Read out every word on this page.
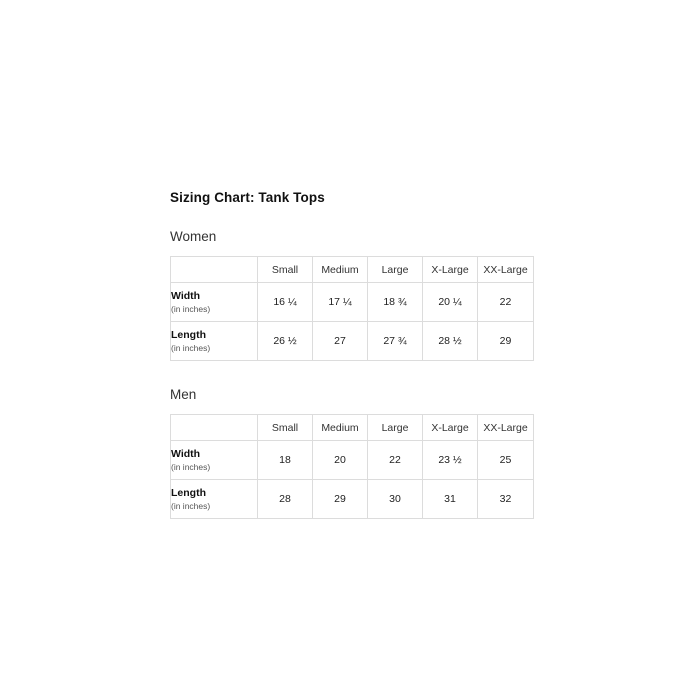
Sizing Chart: Tank Tops
Women
	Small	Medium	Large	X-Large	XX-Large

Width
(in inches)	16 ¼	17 ¼	18 ¾	20 ¼	22

Length
(in inches)	26 ½	27	27 ¾	28 ½	29
Men
	Small	Medium	Large	X-Large	XX-Large

Width
(in inches)	18	20	22	23 ½	25

Length
(in inches)	28	29	30	31	32
